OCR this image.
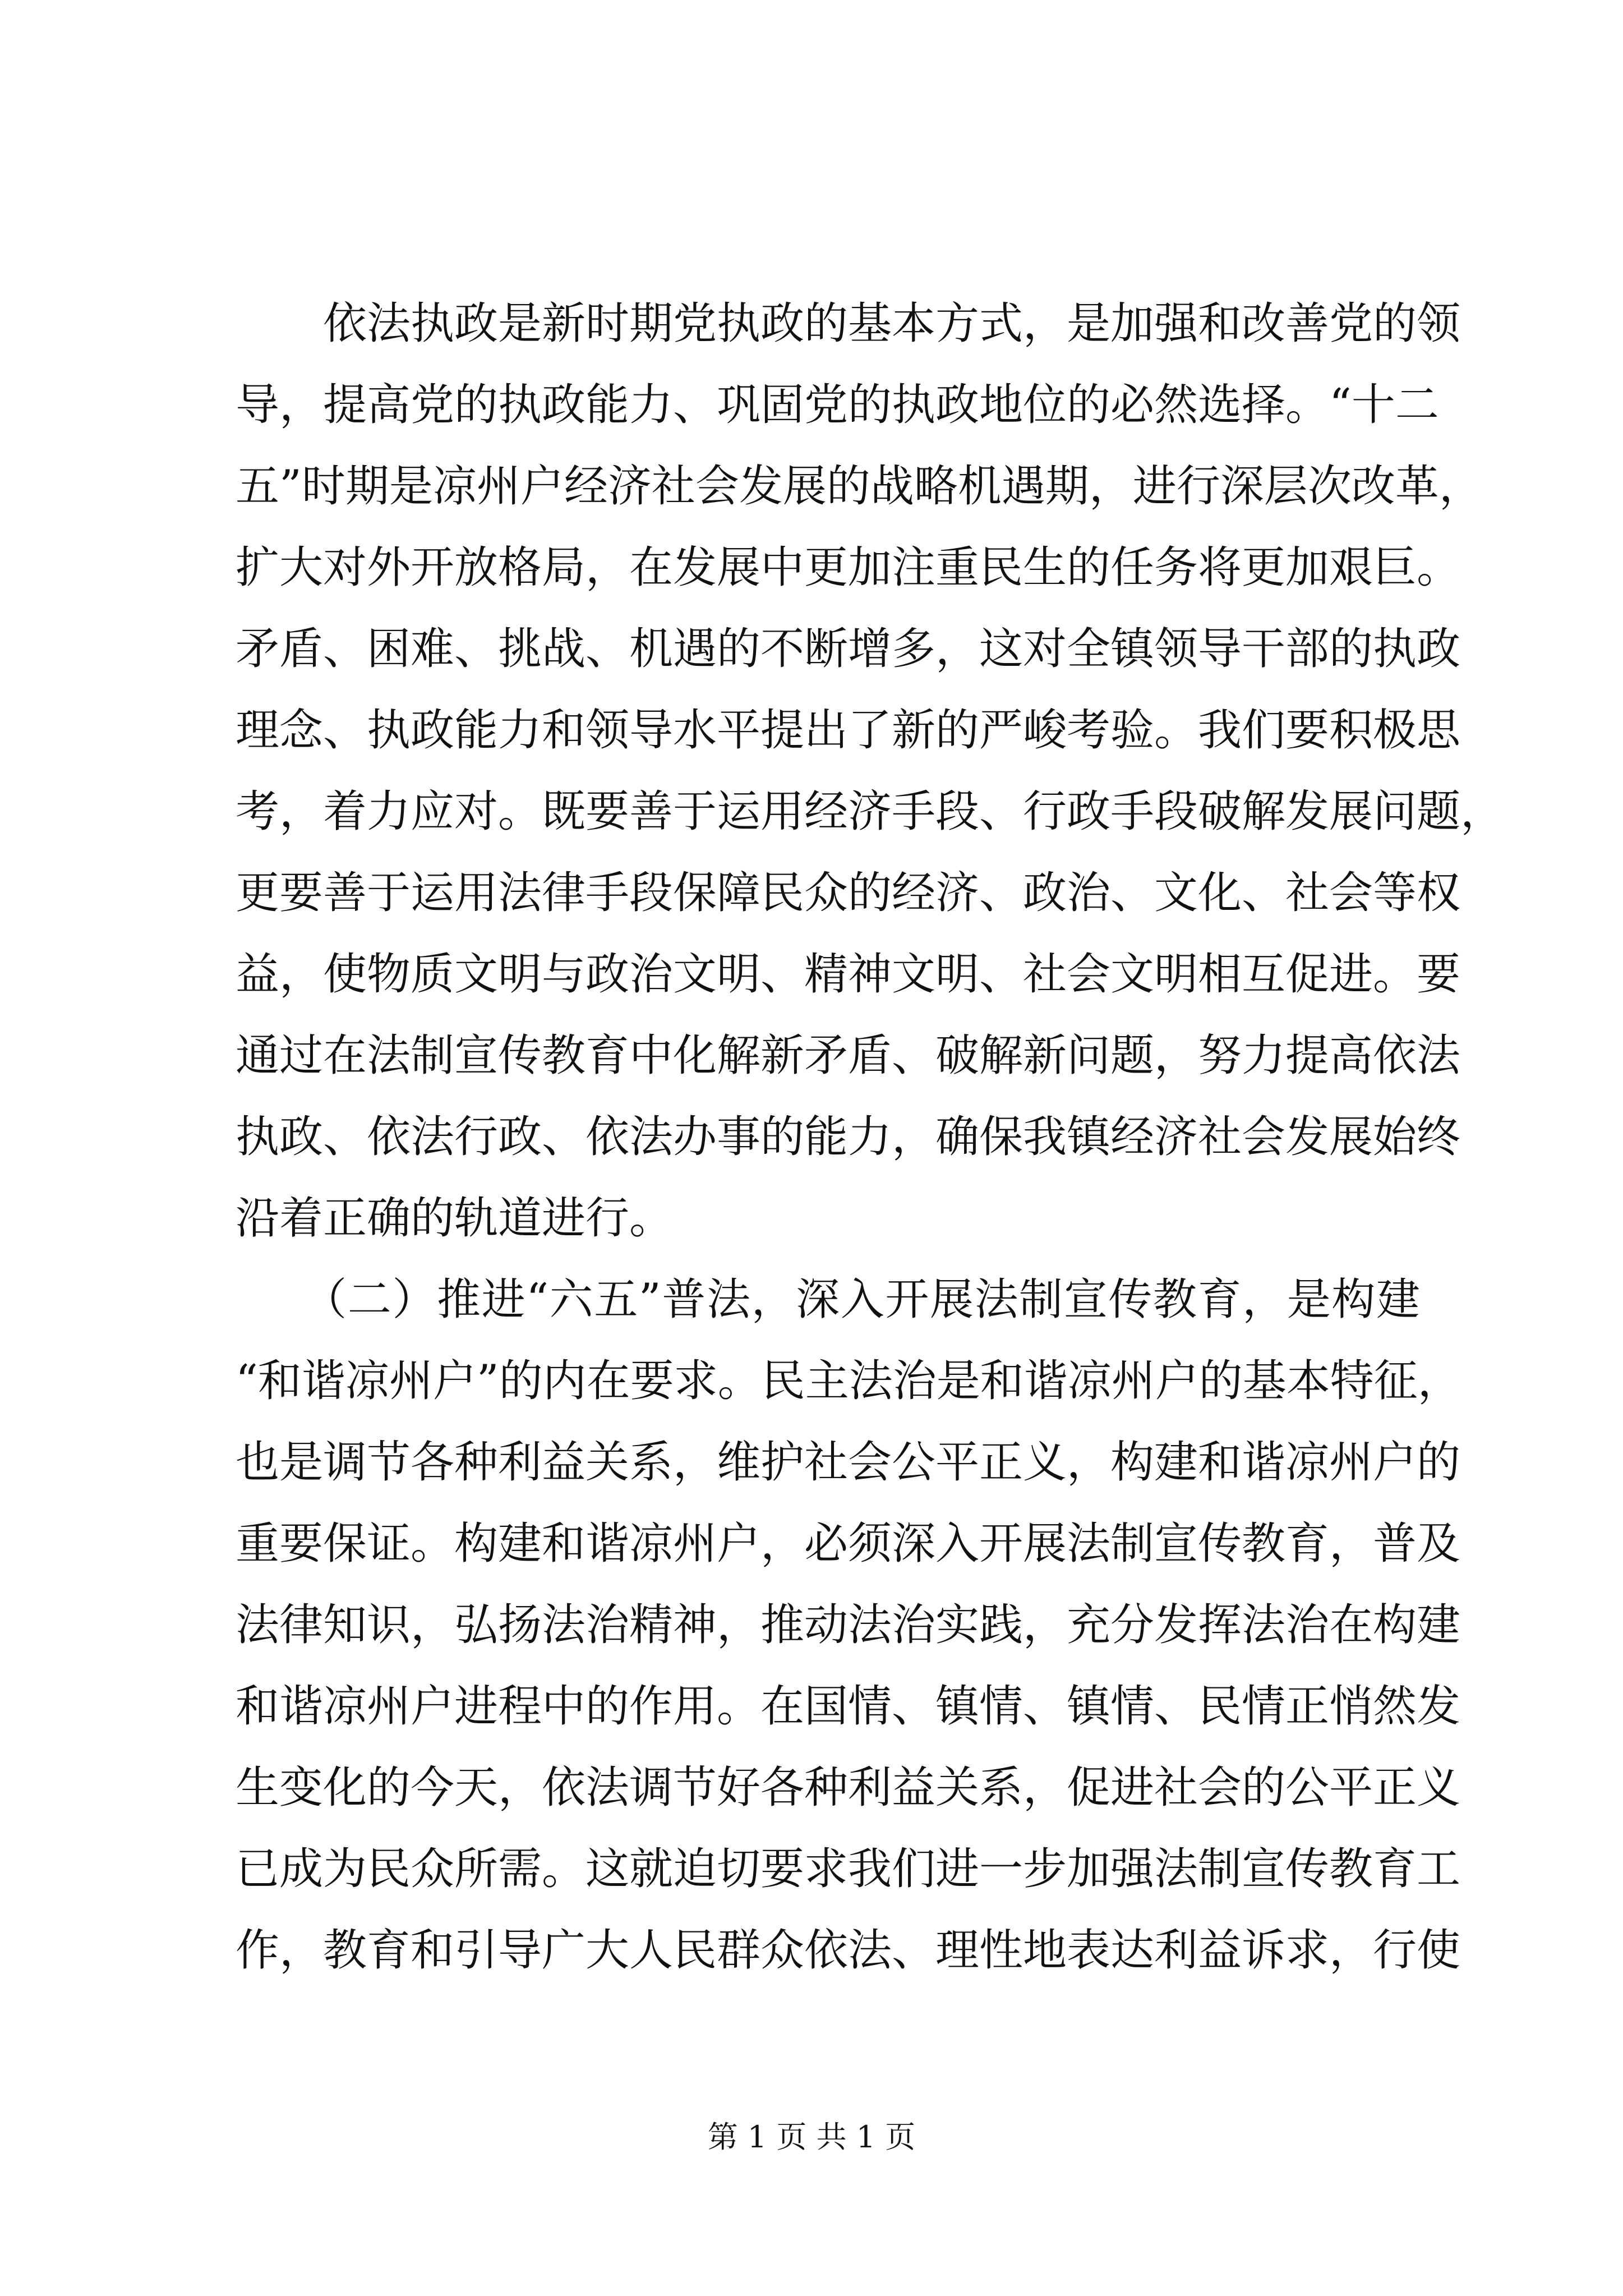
　　依法执政是新时期党执政的基本方式，是加强和改善党的领
导，提高党的执政能力、巩固党的执政地位的必然选择。“十二
五”时期是凉州户经济社会发展的战略机遇期，进行深层次改革，
扩大对外开放格局，在发展中更加注重民生的任务将更加艰巨。
矛盾、困难、挑战、机遇的不断增多，这对全镇领导干部的执政
理念、执政能力和领导水平提出了新的严峻考验。我们要积极思
考，着力应对。既要善于运用经济手段、行政手段破解发展问题，
更要善于运用法律手段保障民众的经济、政治、文化、社会等权
益，使物质文明与政治文明、精神文明、社会文明相互促进。要
通过在法制宣传教育中化解新矛盾、破解新问题，努力提高依法
执政、依法行政、依法办事的能力，确保我镇经济社会发展始终
沿着正确的轨道进行。
　　（二）推进“六五”普法，深入开展法制宣传教育，是构建
“和谐凉州户”的内在要求。民主法治是和谐凉州户的基本特征，
也是调节各种利益关系，维护社会公平正义，构建和谐凉州户的
重要保证。构建和谐凉州户，必须深入开展法制宣传教育，普及
法律知识，弘扬法治精神，推动法治实践，充分发挥法治在构建
和谐凉州户进程中的作用。在国情、镇情、镇情、民情正悄然发
生变化的今天，依法调节好各种利益关系，促进社会的公平正义
已成为民众所需。这就迫切要求我们进一步加强法制宣传教育工
作，教育和引导广大人民群众依法、理性地表达利益诉求，行使
第 1 页 共 1 页
